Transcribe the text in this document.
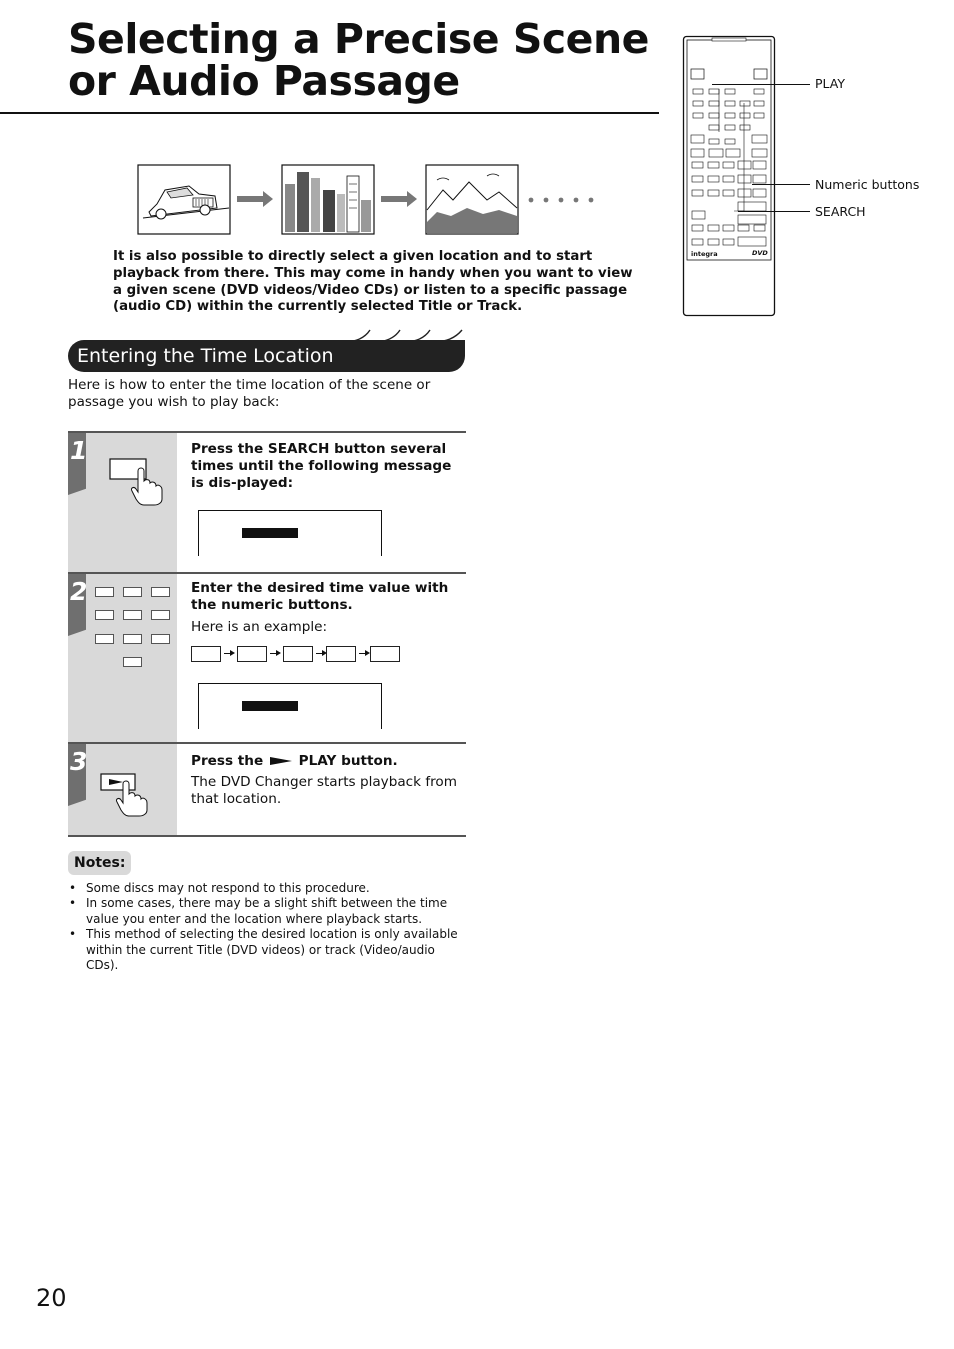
Selecting a Precise Scene or Audio Passage

It is also possible to directly select a given location and to start playback from there. This may come in handy when you want to view a given scene (DVD videos/Video CDs) or listen to a specific passage (audio CD) within the currently selected Title or Track.

integra	DVD
PLAY
Numeric buttons
SEARCH

Entering the Time Location

Here is how to enter the time location of the scene or passage you wish to play back:

1	Press the SEARCH button several times until the following message is dis-played:

2	Enter the desired time value with the numeric buttons.

Here is an example:

3	Press the	PLAY button.

The DVD Changer starts playback from that location.

Notes:
• Some discs may not respond to this procedure.
• In some cases, there may be a slight shift between the time value you enter and the location where playback starts.
• This method of selecting the desired location is only available within the current Title (DVD videos) or track (Video/audio CDs).

20
